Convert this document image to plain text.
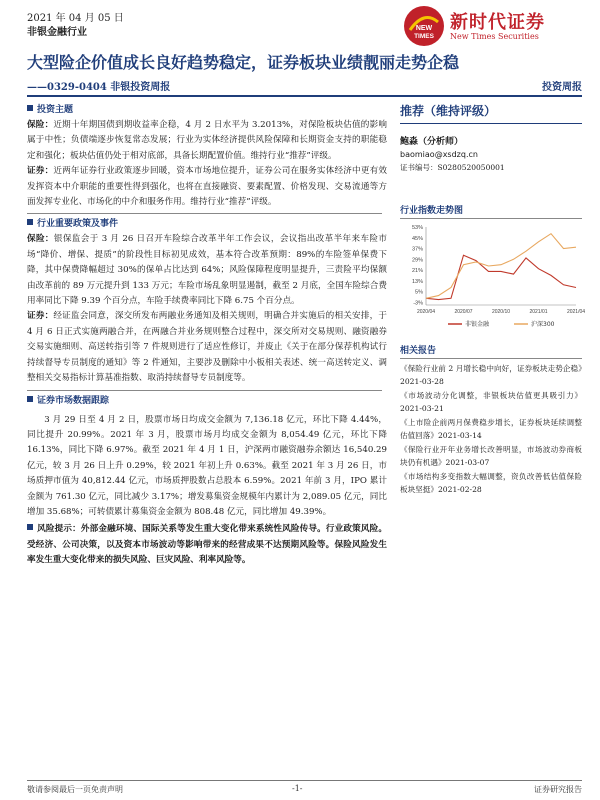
2021 年 04 月 05 日
非银金融行业	NEW
TIMES
新时代证券
New Times Securities
大型险企价值成长良好趋势稳定，证券板块业绩靓丽走势企稳
——0329-0404 非银投资周报	投资周报
投资主题
保险：近期十年期国债到期收益率企稳，4 月 2 日水平为 3.2013%，对保险板块估值的影响属于中性；负债端逐步恢复常态发展；行业为实体经济提供风险保障和长期资金支持的职能稳定和强化；板块估值仍处于相对底部，具备长期配置价值。维持行业“推荐”评级。
证券：近两年证券行业政策逐步回暖，资本市场地位提升，证券公司在服务实体经济中更有效发挥资本中介职能的重要性得到强化，也将在直接融资、要素配置、价格发现、交易流通等方面发挥专业化、市场化的中介和服务作用。维持行业“推荐”评级。
行业重要政策及事件
保险：银保监会于 3 月 26 日召开车险综合改革半年工作会议，会议指出改革半年来车险市场“降价、增保、提质”的阶段性目标初见成效，基本符合改革预期：89%的车险签单保费下降，其中保费降幅超过 30%的保单占比达到 64%；风险保障程度明显提升，三责险平均保额由改革前的 89 万元提升到 133 万元；车险市场乱象明显遏制，截至 2 月底，全国车险综合费用率同比下降 9.39 个百分点，车险手续费率同比下降 6.75 个百分点。
证券：经证监会同意，深交所发布两融业务通知及相关规则，明确合并实施后的相关安排，于 4 月 6 日正式实施两融合并，在两融合并业务规则整合过程中，深交所对交易规则、融资融券交易实施细则、高送转指引等 7 件规则进行了适应性修订，并废止《关于在部分保荐机构试行持续督导专员制度的通知》等 2 件通知，主要涉及删除中小板相关表述、统一高送转定义、调整相关交易指标计算基准指数、取消持续督导专员制度等。
证券市场数据跟踪
3 月 29 日至 4 月 2 日，股票市场日均成交金额为 7,136.18 亿元，环比下降 4.44%，同比提升 20.99%。2021 年 3 月，股票市场月均成交金额为 8,054.49 亿元，环比下降 16.13%，同比下降 6.97%。截至 2021 年 4 月 1 日，沪深两市融资融券余额达 16,540.29 亿元，较 3 月 26 日上升 0.29%，较 2021 年初上升 0.63%。截至 2021 年 3 月 26 日，市场质押市值为 40,812.44 亿元，市场质押股数占总股本 6.59%。2021 年前 3 月，IPO 累计金额为 761.30 亿元，同比减少 3.17%；增发募集资金规模年内累计为 2,089.05 亿元，同比增加 35.68%；可转债累计募集资金金额为 808.48 亿元，同比增加 49.39%。
风险提示：外部金融环境、国际关系等发生重大变化带来系统性风险传导。行业政策风险。受经济、公司决策，以及资本市场波动等影响带来的经营成果不达预期风险等。保险风险发生率发生重大变化带来的损失风险、巨灾风险、利率风险等。
推荐（维持评级）
鲍淼（分析师）
baomiao@xsdzq.cn
证书编号：S0280520050001
行业指数走势图
53%
45%
37%
29%
21%
13%
5%
-3%
2020/04	2020/07	2020/10	2021/01	2021/04
非银金融	沪深300
相关报告
《保险行业前 2 月增长稳中向好，证券板块走势企稳》2021-03-28
《市场波动分化调整，非银板块估值更具吸引力》2021-03-21
《上市险企前两月保费稳步增长，证券板块延续调整估值回落》2021-03-14
《保险行业开年业务增长改善明显，市场波动券商板块仍有机遇》2021-03-07
《市场结构多变指数大幅调整，资负改善低估值保险板块坚挺》2021-02-28
敬请参阅最后一页免责声明	-1-	证券研究报告
